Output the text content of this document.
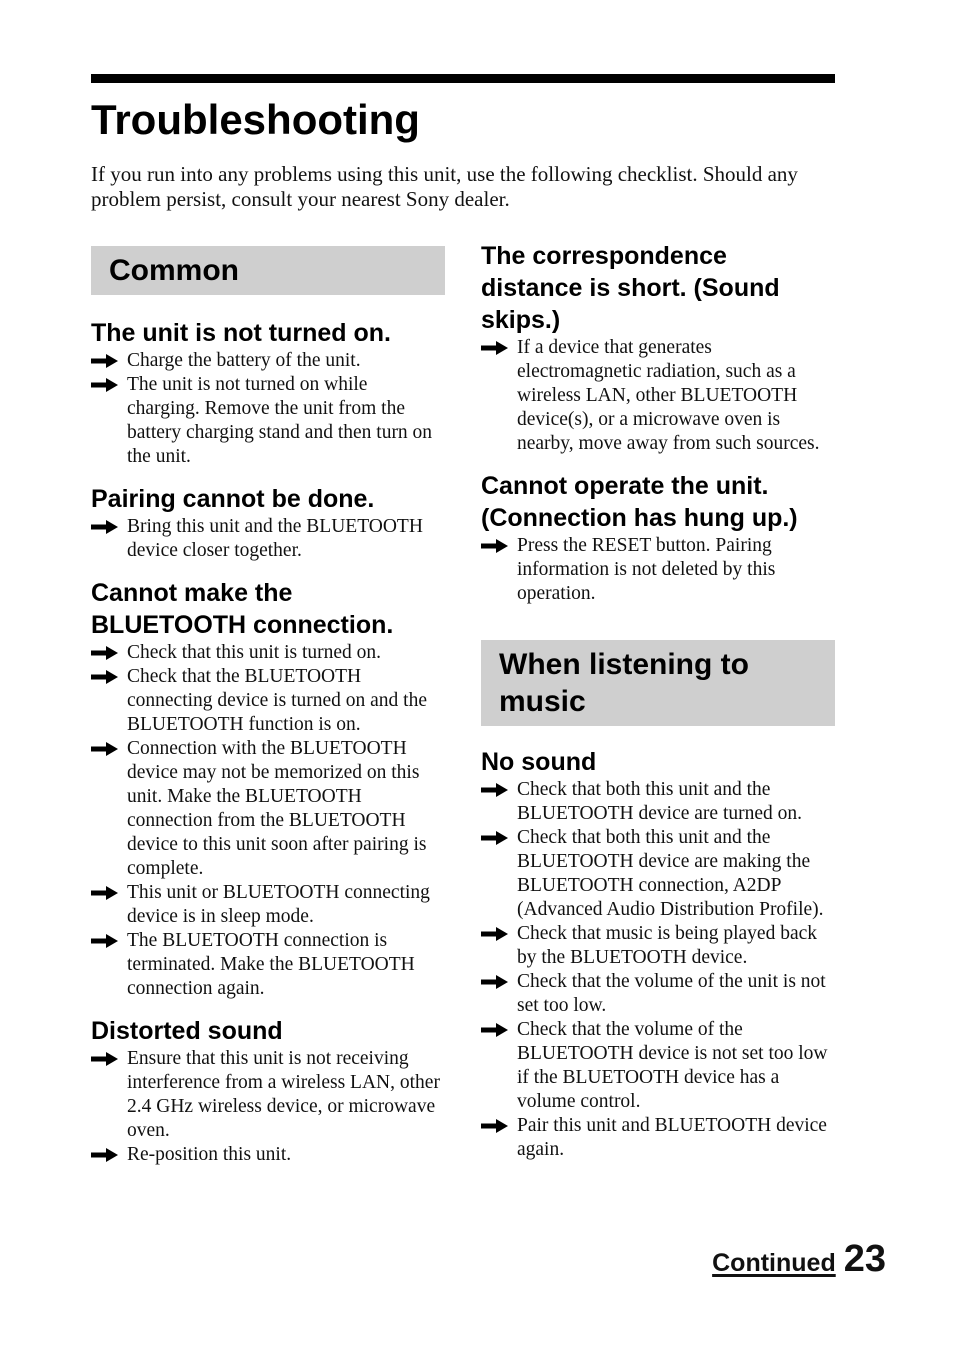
Troubleshooting

If you run into any problems using this unit, use the following checklist. Should any problem persist, consult your nearest Sony dealer.

Common
The unit is not turned on.
Charge the battery of the unit.
The unit is not turned on while charging. Remove the unit from the battery charging stand and then turn on the unit.
Pairing cannot be done.
Bring this unit and the BLUETOOTH device closer together.
Cannot make the BLUETOOTH connection.
Check that this unit is turned on.
Check that the BLUETOOTH connecting device is turned on and the BLUETOOTH function is on.
Connection with the BLUETOOTH device may not be memorized on this unit. Make the BLUETOOTH connection from the BLUETOOTH device to this unit soon after pairing is complete.
This unit or BLUETOOTH connecting device is in sleep mode.
The BLUETOOTH connection is terminated. Make the BLUETOOTH connection again.
Distorted sound
Ensure that this unit is not receiving interference from a wireless LAN, other 2.4 GHz wireless device, or microwave oven.
Re-position this unit.
The correspondence distance is short. (Sound skips.)
If a device that generates electromagnetic radiation, such as a wireless LAN, other BLUETOOTH device(s), or a microwave oven is nearby, move away from such sources.
Cannot operate the unit. (Connection has hung up.)
Press the RESET button. Pairing information is not deleted by this operation.
When listening to music
No sound
Check that both this unit and the BLUETOOTH device are turned on.
Check that both this unit and the BLUETOOTH device are making the BLUETOOTH connection, A2DP (Advanced Audio Distribution Profile).
Check that music is being played back by the BLUETOOTH device.
Check that the volume of the unit is not set too low.
Check that the volume of the BLUETOOTH device is not set too low if the BLUETOOTH device has a volume control.
Pair this unit and BLUETOOTH device again.
Continued 23
